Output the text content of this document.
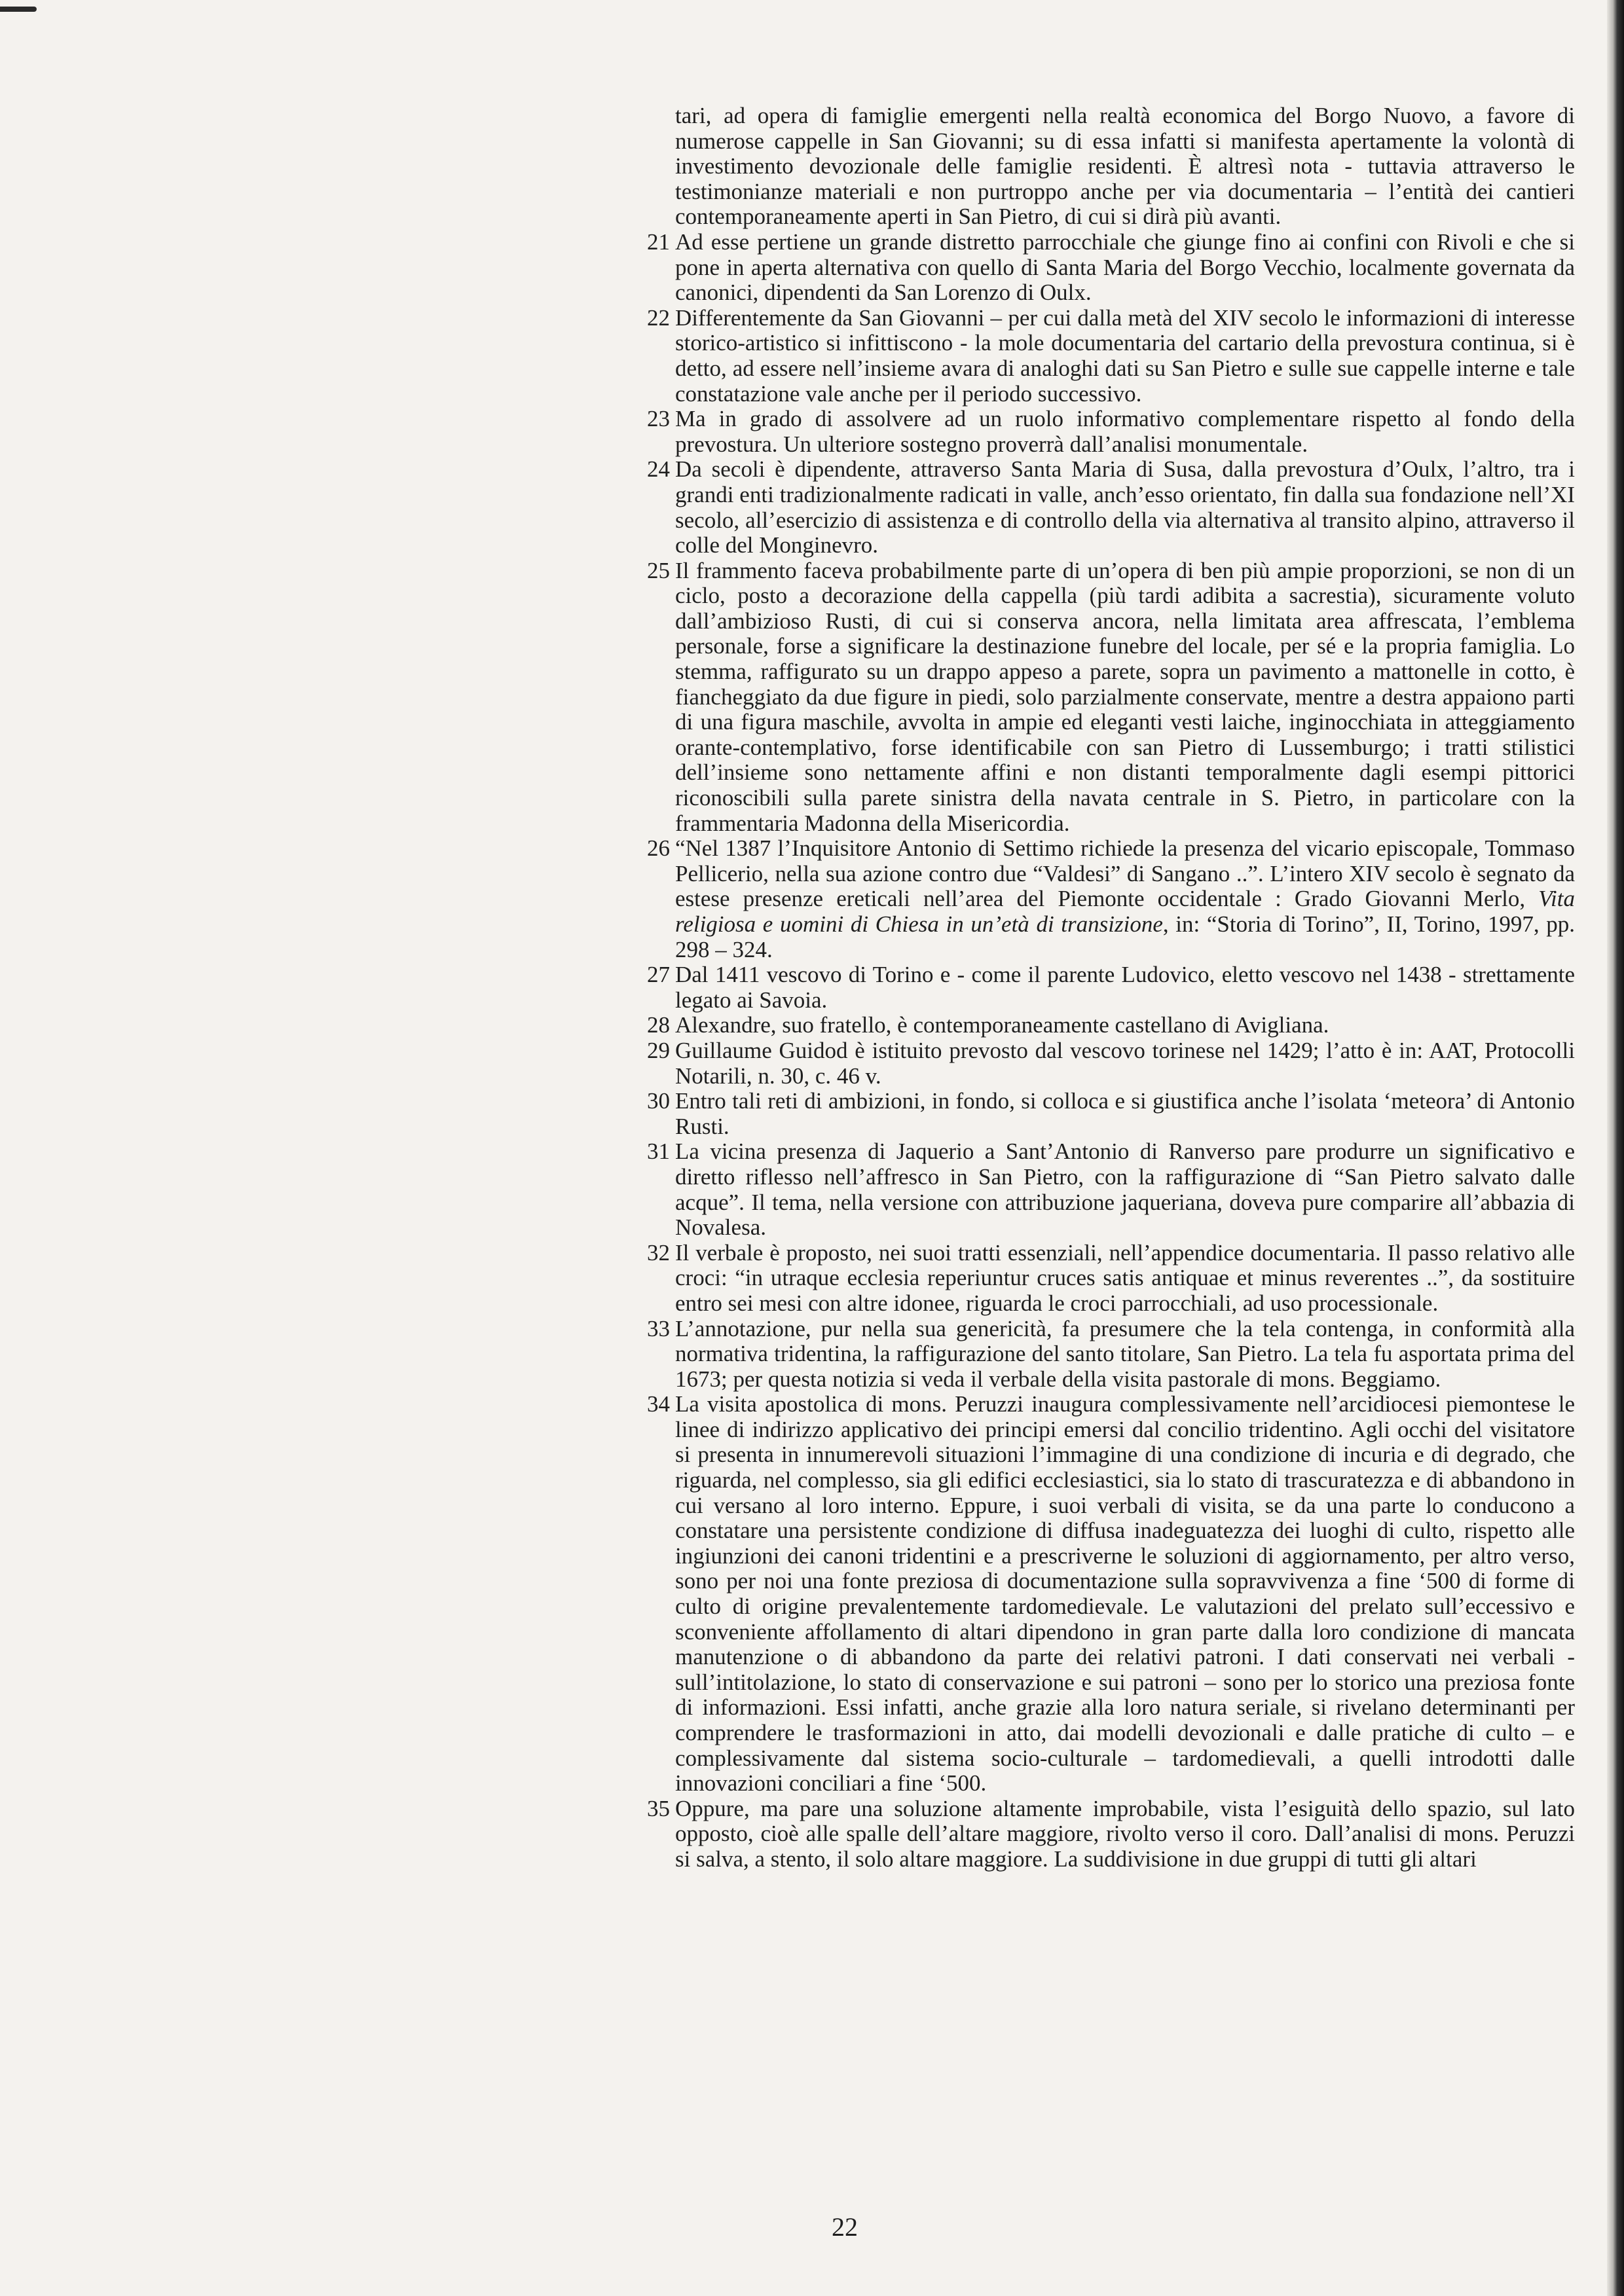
tari, ad opera di famiglie emergenti nella realtà economica del Borgo Nuovo, a favore di numerose cappelle in San Giovanni; su di essa infatti si manifesta apertamente la volontà di investimento devozionale delle famiglie residenti. È altresì nota - tuttavia attraverso le testimonianze materiali e non purtroppo anche per via documentaria – l’entità dei cantieri contemporaneamente aperti in San Pietro, di cui si dirà più avanti.
21 Ad esse pertiene un grande distretto parrocchiale che giunge fino ai confini con Rivoli e che si pone in aperta alternativa con quello di Santa Maria del Borgo Vecchio, localmente governata da canonici, dipendenti da San Lorenzo di Oulx.
22 Differentemente da San Giovanni – per cui dalla metà del XIV secolo le informazioni di interesse storico-artistico si infittiscono - la mole documentaria del cartario della prevostura continua, si è detto, ad essere nell’insieme avara di analoghi dati su San Pietro e sulle sue cappelle interne e tale constatazione vale anche per il periodo successivo.
23 Ma in grado di assolvere ad un ruolo informativo complementare rispetto al fondo della prevostura. Un ulteriore sostegno proverrà dall’analisi monumentale.
24 Da secoli è dipendente, attraverso Santa Maria di Susa, dalla prevostura d’Oulx, l’altro, tra i grandi enti tradizionalmente radicati in valle, anch’esso orientato, fin dalla sua fondazione nell’XI secolo, all’esercizio di assistenza e di controllo della via alternativa al transito alpino, attraverso il colle del Monginevro.
25 Il frammento faceva probabilmente parte di un’opera di ben più ampie proporzioni, se non di un ciclo, posto a decorazione della cappella (più tardi adibita a sacrestia), sicuramente voluto dall’ambizioso Rusti, di cui si conserva ancora, nella limitata area affrescata, l’emblema personale, forse a significare la destinazione funebre del locale, per sé e la propria famiglia. Lo stemma, raffigurato su un drappo appeso a parete, sopra un pavimento a mattonelle in cotto, è fiancheggiato da due figure in piedi, solo parzialmente conservate, mentre a destra appaiono parti di una figura maschile, avvolta in ampie ed eleganti vesti laiche, inginocchiata in atteggiamento orante-contemplativo, forse identificabile con san Pietro di Lussemburgo; i tratti stilistici dell’insieme sono nettamente affini e non distanti temporalmente dagli esempi pittorici riconoscibili sulla parete sinistra della navata centrale in S. Pietro, in particolare con la frammentaria Madonna della Misericordia.
26 “Nel 1387 l’Inquisitore Antonio di Settimo richiede la presenza del vicario episcopale, Tommaso Pellicerio, nella sua azione contro due “Valdesi” di Sangano ..”. L’intero XIV secolo è segnato da estese presenze ereticali nell’area del Piemonte occidentale : Grado Giovanni Merlo, Vita religiosa e uomini di Chiesa in un’età di transizione, in: “Storia di Torino”, II, Torino, 1997, pp. 298 – 324.
27 Dal 1411 vescovo di Torino e - come il parente Ludovico, eletto vescovo nel 1438 - strettamente legato ai Savoia.
28 Alexandre, suo fratello, è contemporaneamente castellano di Avigliana.
29 Guillaume Guidod è istituito prevosto dal vescovo torinese nel 1429; l’atto è in: AAT, Protocolli Notarili, n. 30, c. 46 v.
30 Entro tali reti di ambizioni, in fondo, si colloca e si giustifica anche l’isolata ‘meteora’ di Antonio Rusti.
31 La vicina presenza di Jaquerio a Sant’Antonio di Ranverso pare produrre un significativo e diretto riflesso nell’affresco in San Pietro, con la raffigurazione di “San Pietro salvato dalle acque”. Il tema, nella versione con attribuzione jaqueriana, doveva pure comparire all’abbazia di Novalesa.
32 Il verbale è proposto, nei suoi tratti essenziali, nell’appendice documentaria. Il passo relativo alle croci: “in utraque ecclesia reperiuntur cruces satis antiquae et minus reverentes ..”, da sostituire entro sei mesi con altre idonee, riguarda le croci parrocchiali, ad uso processionale.
33 L’annotazione, pur nella sua genericità, fa presumere che la tela contenga, in conformità alla normativa tridentina, la raffigurazione del santo titolare, San Pietro. La tela fu asportata prima del 1673; per questa notizia si veda il verbale della visita pastorale di mons. Beggiamo.
34 La visita apostolica di mons. Peruzzi inaugura complessivamente nell’arcidiocesi piemontese le linee di indirizzo applicativo dei principi emersi dal concilio tridentino. Agli occhi del visitatore si presenta in innumerevoli situazioni l’immagine di una condizione di incuria e di degrado, che riguarda, nel complesso, sia gli edifici ecclesiastici, sia lo stato di trascuratezza e di abbandono in cui versano al loro interno. Eppure, i suoi verbali di visita, se da una parte lo conducono a constatare una persistente condizione di diffusa inadeguatezza dei luoghi di culto, rispetto alle ingiunzioni dei canoni tridentini e a prescriverne le soluzioni di aggiornamento, per altro verso, sono per noi una fonte preziosa di documentazione sulla sopravvivenza a fine ‘500 di forme di culto di origine prevalentemente tardomedievale. Le valutazioni del prelato sull’eccessivo e sconveniente affollamento di altari dipendono in gran parte dalla loro condizione di mancata manutenzione o di abbandono da parte dei relativi patroni. I dati conservati nei verbali - sull’intitolazione, lo stato di conservazione e sui patroni – sono per lo storico una preziosa fonte di informazioni. Essi infatti, anche grazie alla loro natura seriale, si rivelano determinanti per comprendere le trasformazioni in atto, dai modelli devozionali e dalle pratiche di culto – e complessivamente dal sistema socio-culturale – tardomedievali, a quelli introdotti dalle innovazioni conciliari a fine ‘500.
35 Oppure, ma pare una soluzione altamente improbabile, vista l’esiguità dello spazio, sul lato opposto, cioè alle spalle dell’altare maggiore, rivolto verso il coro. Dall’analisi di mons. Peruzzi si salva, a stento, il solo altare maggiore. La suddivisione in due gruppi di tutti gli altari
22
